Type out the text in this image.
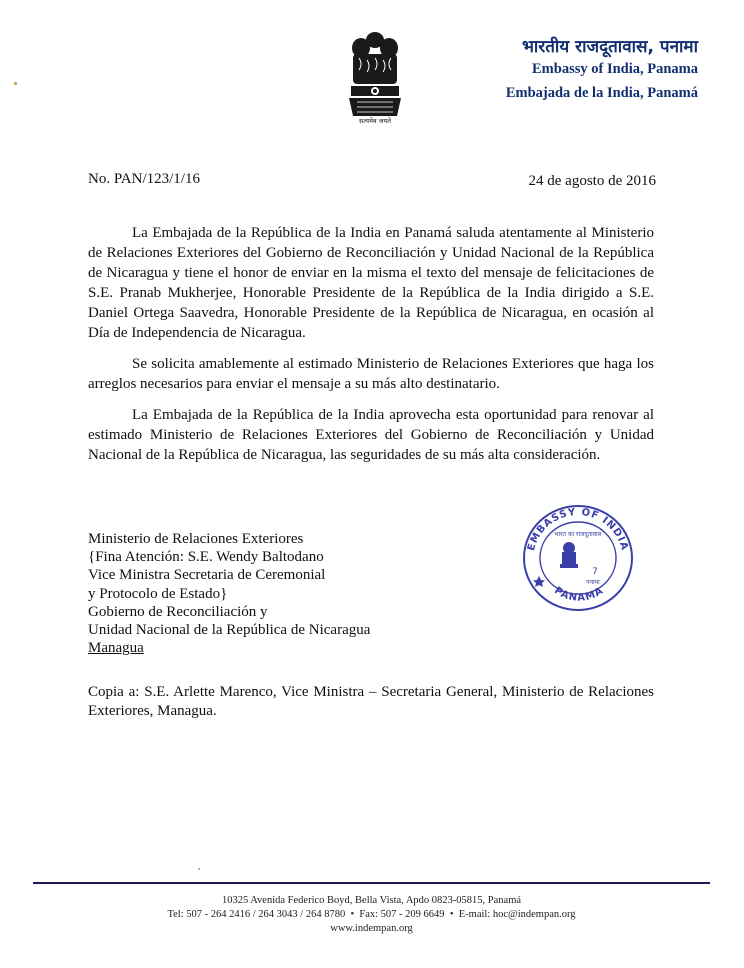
सत्यमेव जयते
भारतीय राजदूतावास, पनामा
Embassy of India, Panama
Embajada de la India, Panamá
No. PAN/123/1/16	24 de agosto de 2016

La Embajada de la República de la India en Panamá saluda atentamente al Ministerio de Relaciones Exteriores del Gobierno de Reconciliación y Unidad Nacional de la República de Nicaragua y tiene el honor de enviar en la misma el texto del mensaje de felicitaciones de S.E. Pranab Mukherjee, Honorable Presidente de la República de la India dirigido a S.E. Daniel Ortega Saavedra, Honorable Presidente de la República de Nicaragua, en ocasión al Día de Independencia de Nicaragua.

Se solicita amablemente al estimado Ministerio de Relaciones Exteriores que haga los arreglos necesarios para enviar el mensaje a su más alto destinatario.

La Embajada de la República de la India aprovecha esta oportunidad para renovar al estimado Ministerio de Relaciones Exteriores del Gobierno de Reconciliación y Unidad Nacional de la República de Nicaragua, las seguridades de su más alta consideración.

Ministerio de Relaciones Exteriores
{Fina Atención: S.E. Wendy Baltodano
Vice Ministra Secretaria de Ceremonial
y Protocolo de Estado}
Gobierno de Reconciliación y
Unidad Nacional de la República de Nicaragua
Managua
EMBASSY OF INDIA
PANAMA
भारत का राजदूतावास
7
पनामा

Copia a: S.E. Arlette Marenco, Vice Ministra – Secretaria General, Ministerio de Relaciones Exteriores, Managua.

10325 Avenida Federico Boyd, Bella Vista, Apdo 0823-05815, Panamá
Tel: 507 - 264 2416 / 264 3043 / 264 8780  •  Fax: 507 - 209 6649  •  E-mail: hoc@indempan.org
www.indempan.org
